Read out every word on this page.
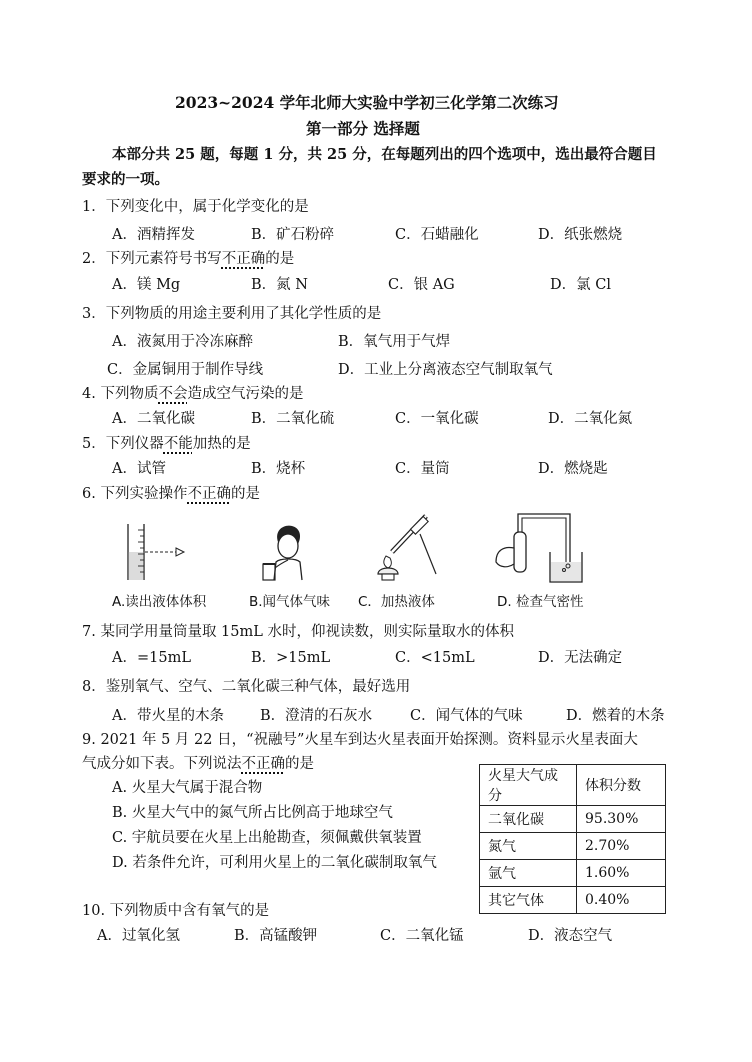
2023~2024 学年北师大实验中学初三化学第二次练习
第一部分 选择题
本部分共 25 题，每题 1 分，共 25 分，在每题列出的四个选项中，选出最符合题目
要求的一项。
1．下列变化中，属于化学变化的是
A．酒精挥发	B．矿石粉碎	C．石蜡融化	D．纸张燃烧
2．下列元素符号书写不正确的是
A．镁 Mg	B．氮 N	C．银 AG	D．氯 Cl
3．下列物质的用途主要利用了其化学性质的是
A．液氮用于冷冻麻醉	B．氧气用于气焊
C．金属铜用于制作导线	D．工业上分离液态空气制取氧气
4. 下列物质不会造成空气污染的是
A．二氧化碳	B．二氧化硫	C．一氧化碳	D．二氧化氮
5．下列仪器不能加热的是
A．试管	B．烧杯	C．量筒	D．燃烧匙
6. 下列实验操作不正确的是
A.读出液体体积	B.闻气体气味 C．加热液体	D. 检查气密性
7. 某同学用量筒量取 15mL 水时，仰视读数，则实际量取水的体积
A．=15mL	B．>15mL	C．<15mL	D．无法确定
8．鉴别氧气、空气、二氧化碳三种气体，最好选用
A．带火星的木条 B．澄清的石灰水	C．闻气体的气味	D．燃着的木条
9. 2021 年 5 月 22 日，“祝融号”火星车到达火星表面开始探测。资料显示火星表面大
气成分如下表。下列说法不正确的是
A. 火星大气属于混合物
B. 火星大气中的氮气所占比例高于地球空气
C. 宇航员要在火星上出舱勘查，须佩戴供氧装置
D. 若条件允许，可利用火星上的二氧化碳制取氧气
火星大气成分	体积分数
二氧化碳	95.30%
氮气	2.70%
氩气	1.60%
其它气体	0.40%
10. 下列物质中含有氧气的是
A．过氧化氢	B．高锰酸钾	C．二氧化锰	D．液态空气
